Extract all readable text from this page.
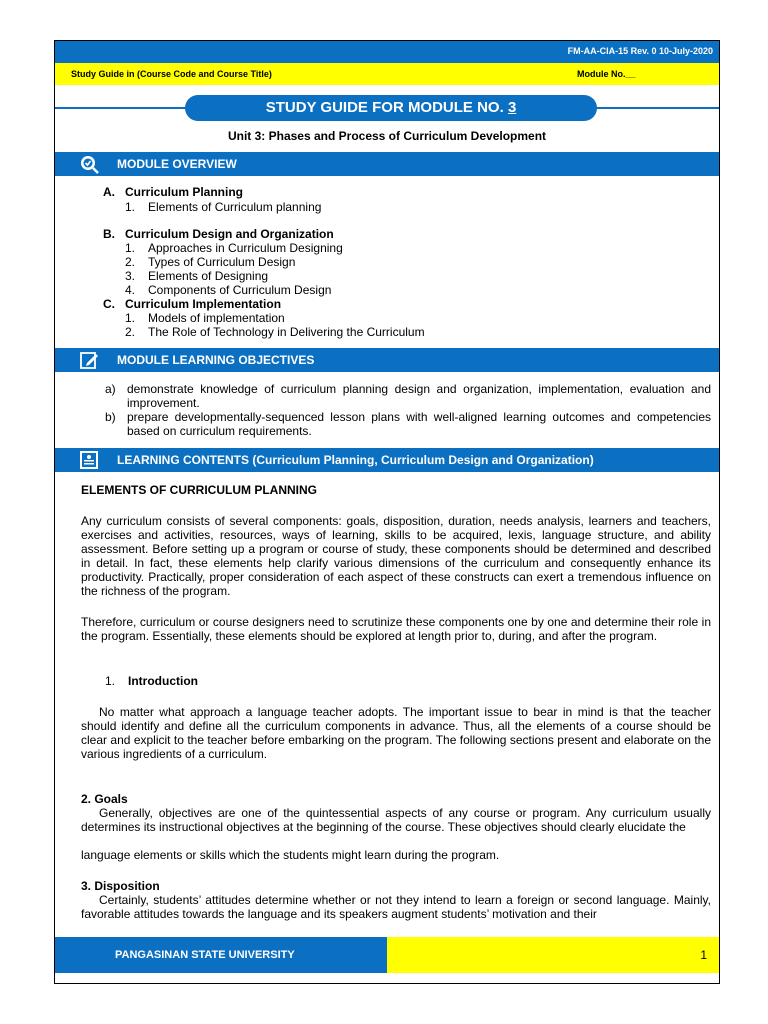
FM-AA-CIA-15 Rev. 0 10-July-2020
Study Guide in (Course Code and Course Title)	Module No.__
STUDY GUIDE FOR MODULE NO. 3
Unit 3: Phases and Process of Curriculum Development
MODULE OVERVIEW
A. Curriculum Planning
1. Elements of Curriculum planning
B. Curriculum Design and Organization
1. Approaches in Curriculum Designing
2. Types of Curriculum Design
3. Elements of Designing
4. Components of Curriculum Design
C. Curriculum Implementation
1. Models of implementation
2. The Role of Technology in Delivering the Curriculum
MODULE LEARNING OBJECTIVES
a) demonstrate knowledge of curriculum planning design and organization, implementation, evaluation and improvement.
b) prepare developmentally-sequenced lesson plans with well-aligned learning outcomes and competencies based on curriculum requirements.
LEARNING CONTENTS (Curriculum Planning, Curriculum Design and Organization)
ELEMENTS OF CURRICULUM PLANNING
Any curriculum consists of several components: goals, disposition, duration, needs analysis, learners and teachers, exercises and activities, resources, ways of learning, skills to be acquired, lexis, language structure, and ability assessment. Before setting up a program or course of study, these components should be determined and described in detail. In fact, these elements help clarify various dimensions of the curriculum and consequently enhance its productivity. Practically, proper consideration of each aspect of these constructs can exert a tremendous influence on the richness of the program.
Therefore, curriculum or course designers need to scrutinize these components one by one and determine their role in the program. Essentially, these elements should be explored at length prior to, during, and after the program.
1. Introduction
No matter what approach a language teacher adopts. The important issue to bear in mind is that the teacher should identify and define all the curriculum components in advance. Thus, all the elements of a course should be clear and explicit to the teacher before embarking on the program. The following sections present and elaborate on the various ingredients of a curriculum.
2. Goals
Generally, objectives are one of the quintessential aspects of any course or program. Any curriculum usually determines its instructional objectives at the beginning of the course. These objectives should clearly elucidate the
language elements or skills which the students might learn during the program.
3. Disposition
Certainly, students’ attitudes determine whether or not they intend to learn a foreign or second language. Mainly, favorable attitudes towards the language and its speakers augment students’ motivation and their
PANGASINAN STATE UNIVERSITY	1
